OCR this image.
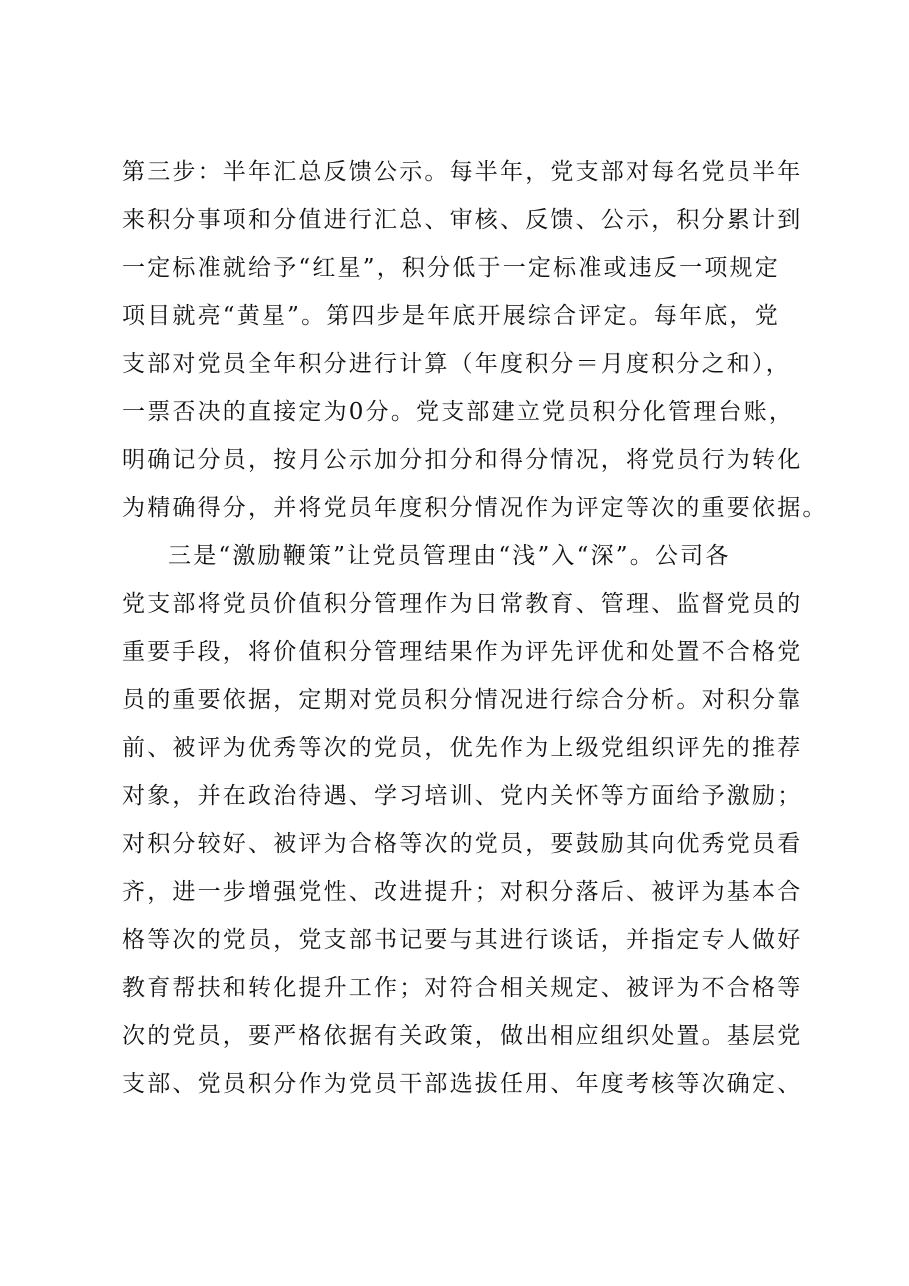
第三步：半年汇总反馈公示。每半年，党支部对每名党员半年
来积分事项和分值进行汇总、审核、反馈、公示，积分累计到
一定标准就给予“红星”，积分低于一定标准或违反一项规定
项目就亮“黄星”。第四步是年底开展综合评定。每年底，党
支部对党员全年积分进行计算（年度积分＝月度积分之和），
一票否决的直接定为0分。党支部建立党员积分化管理台账，
明确记分员，按月公示加分扣分和得分情况，将党员行为转化
为精确得分，并将党员年度积分情况作为评定等次的重要依据。
三是“激励鞭策”让党员管理由“浅”入“深”。公司各
党支部将党员价值积分管理作为日常教育、管理、监督党员的
重要手段，将价值积分管理结果作为评先评优和处置不合格党
员的重要依据，定期对党员积分情况进行综合分析。对积分靠
前、被评为优秀等次的党员，优先作为上级党组织评先的推荐
对象，并在政治待遇、学习培训、党内关怀等方面给予激励；
对积分较好、被评为合格等次的党员，要鼓励其向优秀党员看
齐，进一步增强党性、改进提升；对积分落后、被评为基本合
格等次的党员，党支部书记要与其进行谈话，并指定专人做好
教育帮扶和转化提升工作；对符合相关规定、被评为不合格等
次的党员，要严格依据有关政策，做出相应组织处置。基层党
支部、党员积分作为党员干部选拔任用、年度考核等次确定、
